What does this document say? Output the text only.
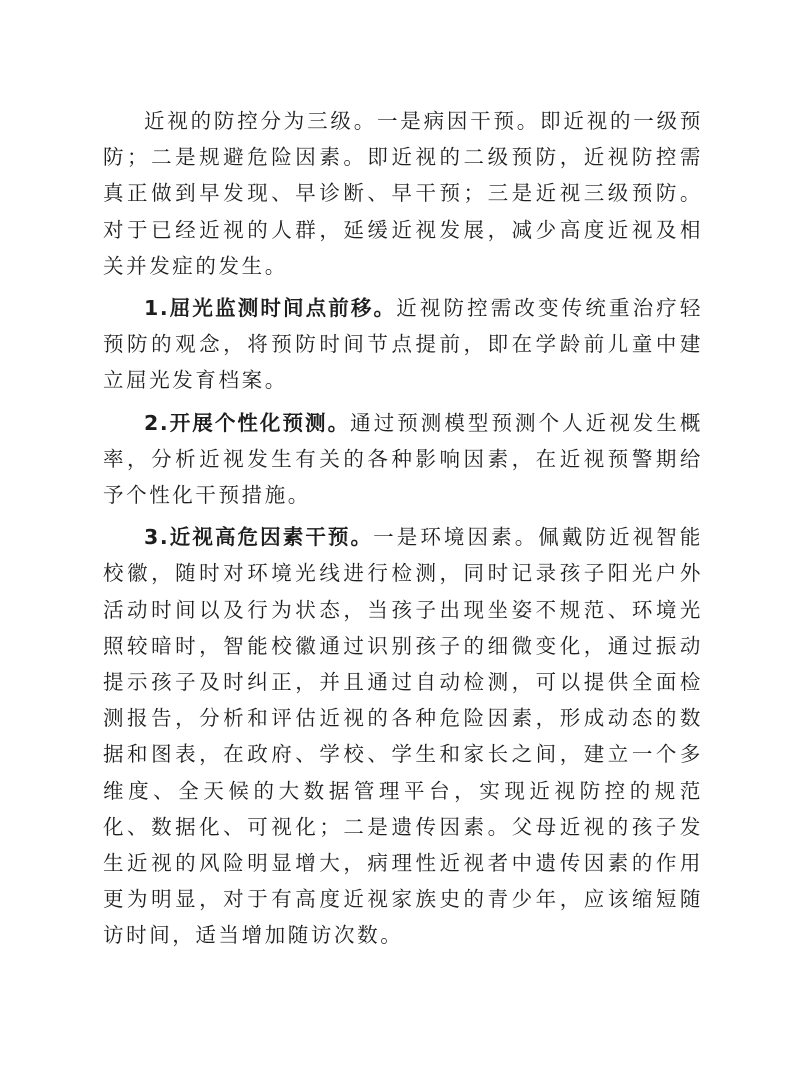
近视的防控分为三级。一是病因干预。即近视的一级预防；二是规避危险因素。即近视的二级预防，近视防控需真正做到早发现、早诊断、早干预；三是近视三级预防。对于已经近视的人群，延缓近视发展，减少高度近视及相关并发症的发生。

1.屈光监测时间点前移。近视防控需改变传统重治疗轻预防的观念，将预防时间节点提前，即在学龄前儿童中建立屈光发育档案。

2.开展个性化预测。通过预测模型预测个人近视发生概率，分析近视发生有关的各种影响因素，在近视预警期给予个性化干预措施。

3.近视高危因素干预。一是环境因素。佩戴防近视智能校徽，随时对环境光线进行检测，同时记录孩子阳光户外活动时间以及行为状态，当孩子出现坐姿不规范、环境光照较暗时，智能校徽通过识别孩子的细微变化，通过振动提示孩子及时纠正，并且通过自动检测，可以提供全面检测报告，分析和评估近视的各种危险因素，形成动态的数据和图表，在政府、学校、学生和家长之间，建立一个多维度、全天候的大数据管理平台，实现近视防控的规范化、数据化、可视化；二是遗传因素。父母近视的孩子发生近视的风险明显增大，病理性近视者中遗传因素的作用更为明显，对于有高度近视家族史的青少年，应该缩短随访时间，适当增加随访次数。
